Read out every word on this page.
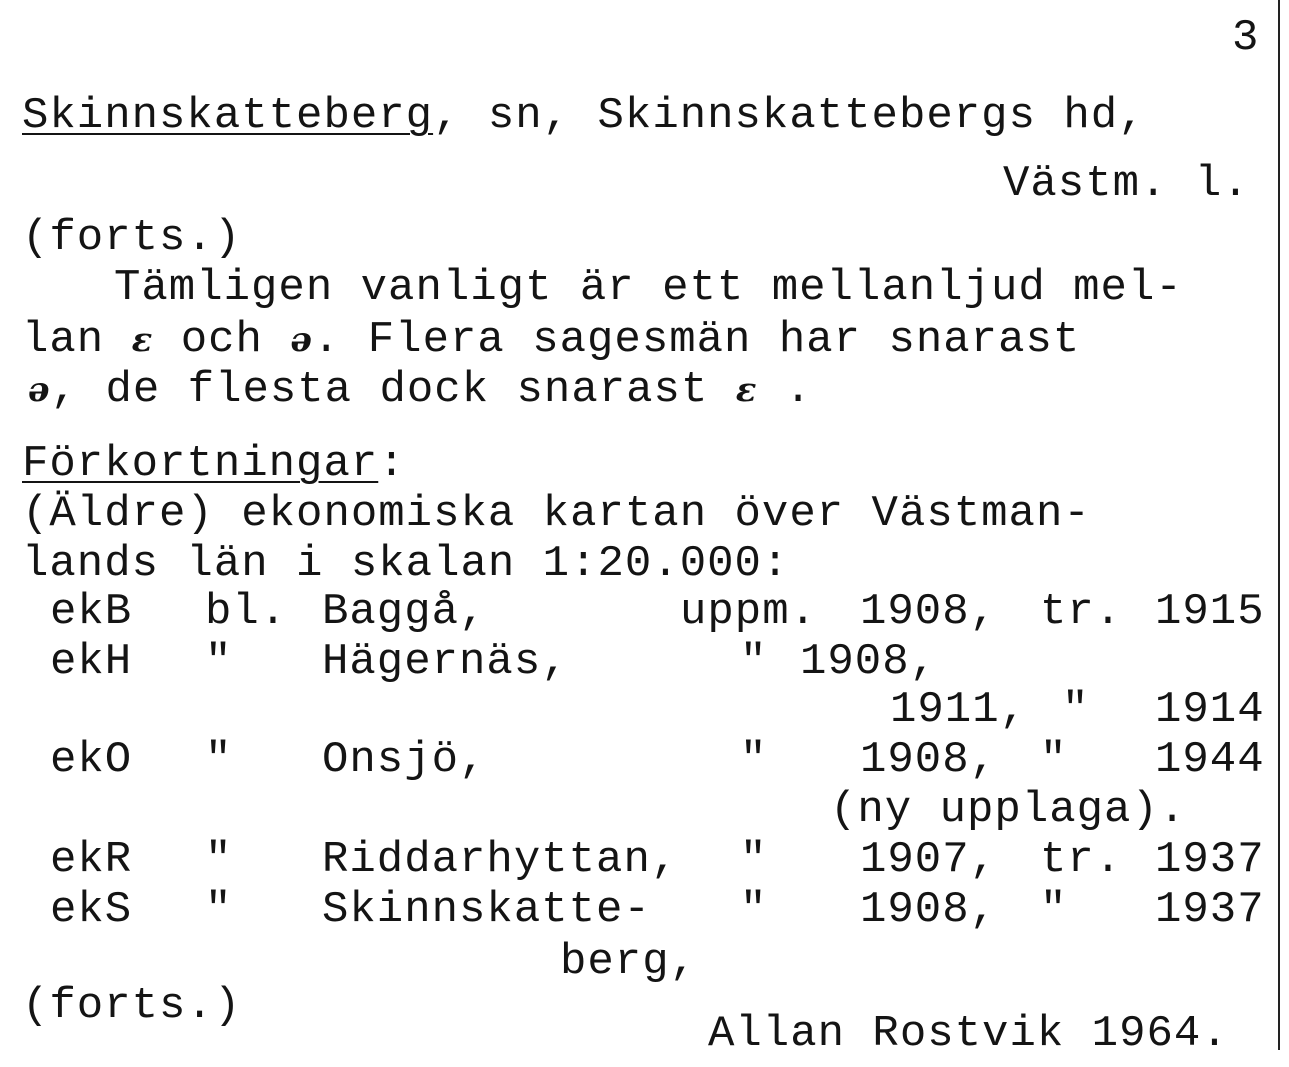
3
Skinnskatteberg, sn, Skinnskattebergs hd,
Västm. l.
(forts.)
Tämligen vanligt är ett mellanljud mel-
lan ɛ och ə. Flera sagesmän har snarast
ə, de flesta dock snarast ɛ .
Förkortningar:
(Äldre) ekonomiska kartan över Västman-
lands län i skalan 1:20.000:
ekB bl. Baggå,	uppm. 1908, tr. 1915
ekH " Hägernäs,	" 1908,
1911, " 1914
ekO " Onsjö,	" 1908, " 1944
(ny upplaga).
ekR " Riddarhyttan, " 1907, tr. 1937
ekS " Skinnskatte- " 1908, " 1937
berg,
(forts.)
Allan Rostvik 1964.
